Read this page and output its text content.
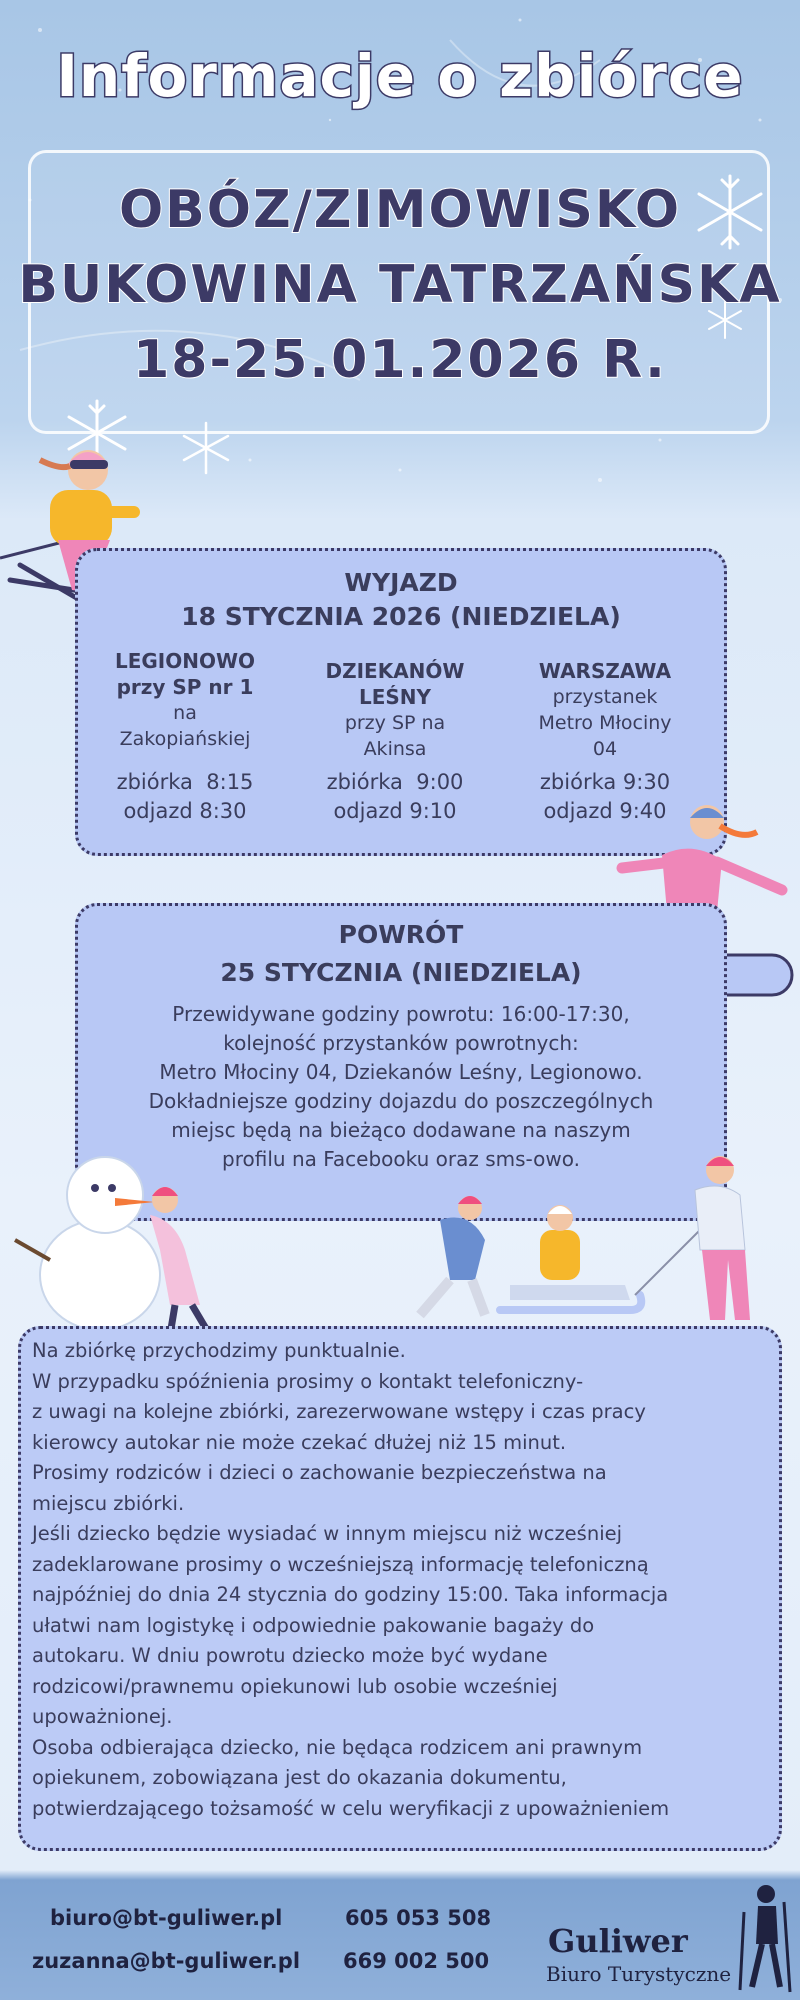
Informacje o zbiórce
OBÓZ/ZIMOWISKO
BUKOWINA TATRZAŃSKA
18-25.01.2026 R.
WYJAZD
18 STYCZNIA 2026 (NIEDZIELA)
LEGIONOWO
przy SP nr 1
na
Zakopiańskiej
zbiórka  8:15
odjazd 8:30
DZIEKANÓW
LEŚNY
przy SP na
Akinsa
zbiórka  9:00
odjazd 9:10
WARSZAWA
przystanek
Metro Młociny
04
zbiórka 9:30
odjazd 9:40
POWRÓT
25 STYCZNIA (NIEDZIELA)
Przewidywane godziny powrotu: 16:00-17:30,
kolejność przystanków powrotnych:
Metro Młociny 04, Dziekanów Leśny, Legionowo.
Dokładniejsze godziny dojazdu do poszczególnych
miejsc będą na bieżąco dodawane na naszym
profilu na Facebooku oraz sms-owo.
Na zbiórkę przychodzimy punktualnie.
W przypadku spóźnienia prosimy o kontakt telefoniczny-
z uwagi na kolejne zbiórki, zarezerwowane wstępy i czas pracy
kierowcy autokar nie może czekać dłużej niż 15 minut.
Prosimy rodziców i dzieci o zachowanie bezpieczeństwa na
miejscu zbiórki.
Jeśli dziecko będzie wysiadać w innym miejscu niż wcześniej
zadeklarowane prosimy o wcześniejszą informację telefoniczną
najpóźniej do dnia 24 stycznia do godziny 15:00. Taka informacja
ułatwi nam logistykę i odpowiednie pakowanie bagaży do
autokaru. W dniu powrotu dziecko może być wydane
rodzicowi/prawnemu opiekunowi lub osobie wcześniej
upoważnionej.
Osoba odbierająca dziecko, nie będąca rodzicem ani prawnym
opiekunem, zobowiązana jest do okazania dokumentu,
potwierdzającego tożsamość w celu weryfikacji z upoważnieniem
biuro@bt-guliwer.pl
zuzanna@bt-guliwer.pl
605 053 508
669 002 500
Guliwer
Biuro Turystyczne
